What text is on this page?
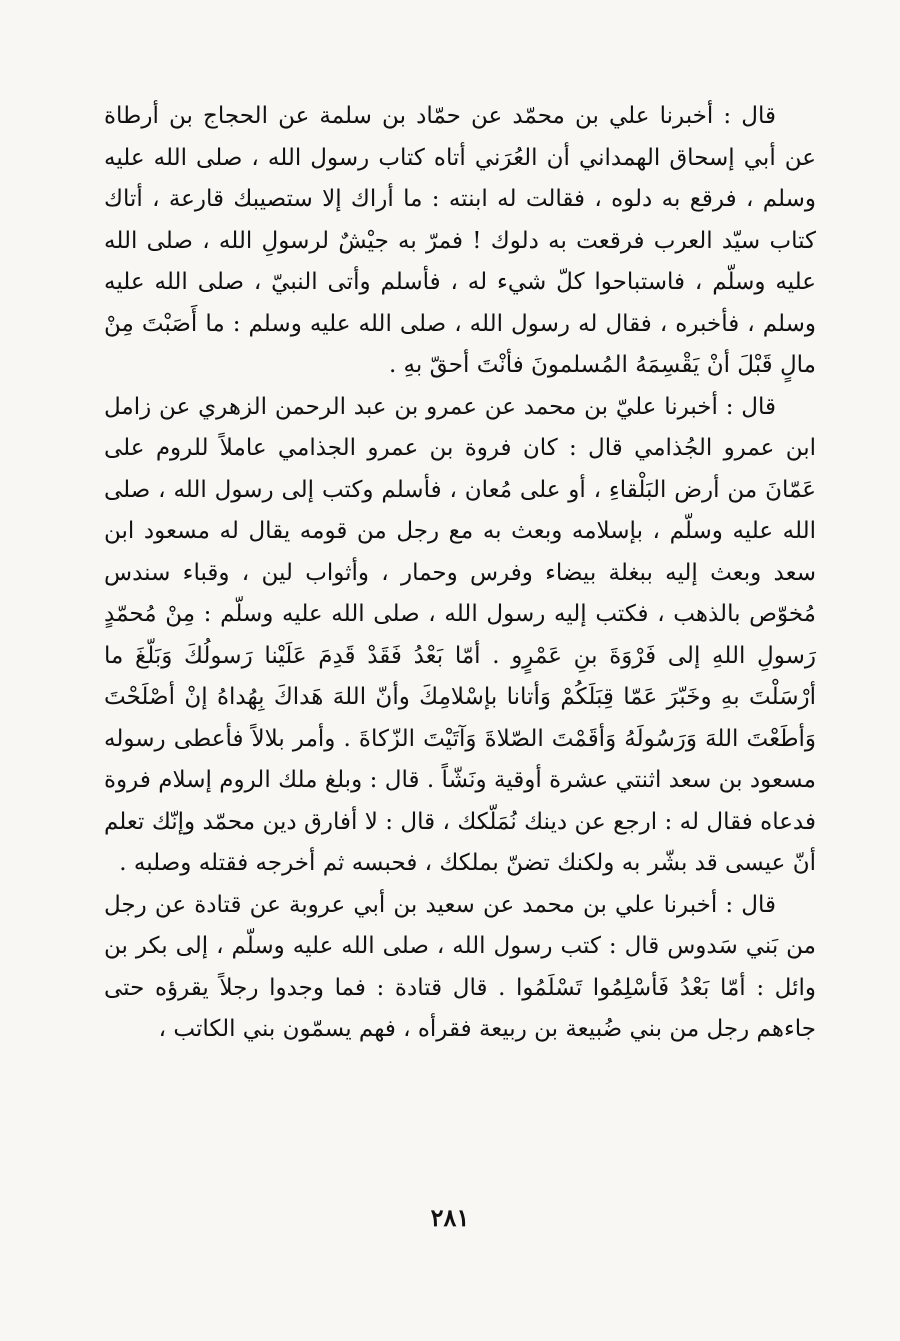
قال : أخبرنا علي بن محمّد عن حمّاد بن سلمة عن الحجاج بن أرطاة عن أبي إسحاق الهمداني أن العُرَني أتاه كتاب رسول الله ، صلى الله عليه وسلم ، فرقع به دلوه ، فقالت له ابنته : ما أراك إلا ستصيبك قارعة ، أتاك كتاب سيّد العرب فرقعت به دلوك ! فمرّ به جيْشٌ لرسولِ الله ، صلى الله عليه وسلّم ، فاستباحوا كلّ شيء له ، فأسلم وأتى النبيّ ، صلى الله عليه وسلم ، فأخبره ، فقال له رسول الله ، صلى الله عليه وسلم : ما أَصَبْتَ مِنْ مالٍ قَبْلَ أنْ يَقْسِمَهُ المُسلمونَ فأنْتَ أحقّ بهِ .

قال : أخبرنا عليّ بن محمد عن عمرو بن عبد الرحمن الزهري عن زامل ابن عمرو الجُذامي قال : كان فروة بن عمرو الجذامي عاملاً للروم على عَمّانَ من أرض البَلْقاءِ ، أو على مُعان ، فأسلم وكتب إلى رسول الله ، صلى الله عليه وسلّم ، بإسلامه وبعث به مع رجل من قومه يقال له مسعود ابن سعد وبعث إليه ببغلة بيضاء وفرس وحمار ، وأثواب لين ، وقباء سندس مُخوّص بالذهب ، فكتب إليه رسول الله ، صلى الله عليه وسلّم : مِنْ مُحمّدٍ رَسولِ اللهِ إلى فَرْوَةَ بنِ عَمْرٍو . أمّا بَعْدُ فَقَدْ قَدِمَ عَلَيْنا رَسولُكَ وَبَلّغَ ما أرْسَلْتَ بهِ وخَبّرَ عَمّا قِبَلَكُمْ وَأتانا بإسْلامِكَ وأنّ اللهَ هَداكَ بِهُداهُ إنْ أصْلَحْتَ وَأطَعْتَ اللهَ وَرَسُولَهُ وَأقَمْتَ الصّلاةَ وَآتَيْتَ الزّكاةَ . وأمر بلالاً فأعطى رسوله مسعود بن سعد اثنتي عشرة أوقية ونَشّاً . قال : وبلغ ملك الروم إسلام فروة فدعاه فقال له : ارجع عن دينك نُمَلّكك ، قال : لا أفارق دين محمّد وإنّك تعلم أنّ عيسى قد بشّر به ولكنك تضنّ بملكك ، فحبسه ثم أخرجه فقتله وصلبه .

قال : أخبرنا علي بن محمد عن سعيد بن أبي عروبة عن قتادة عن رجل من بَني سَدوس قال : كتب رسول الله ، صلى الله عليه وسلّم ، إلى بكر بن وائل : أمّا بَعْدُ فَأسْلِمُوا تَسْلَمُوا . قال قتادة : فما وجدوا رجلاً يقرؤه حتى جاءهم رجل من بني ضُبيعة بن ربيعة فقرأه ، فهم يسمّون بني الكاتب ،

٢٨١
